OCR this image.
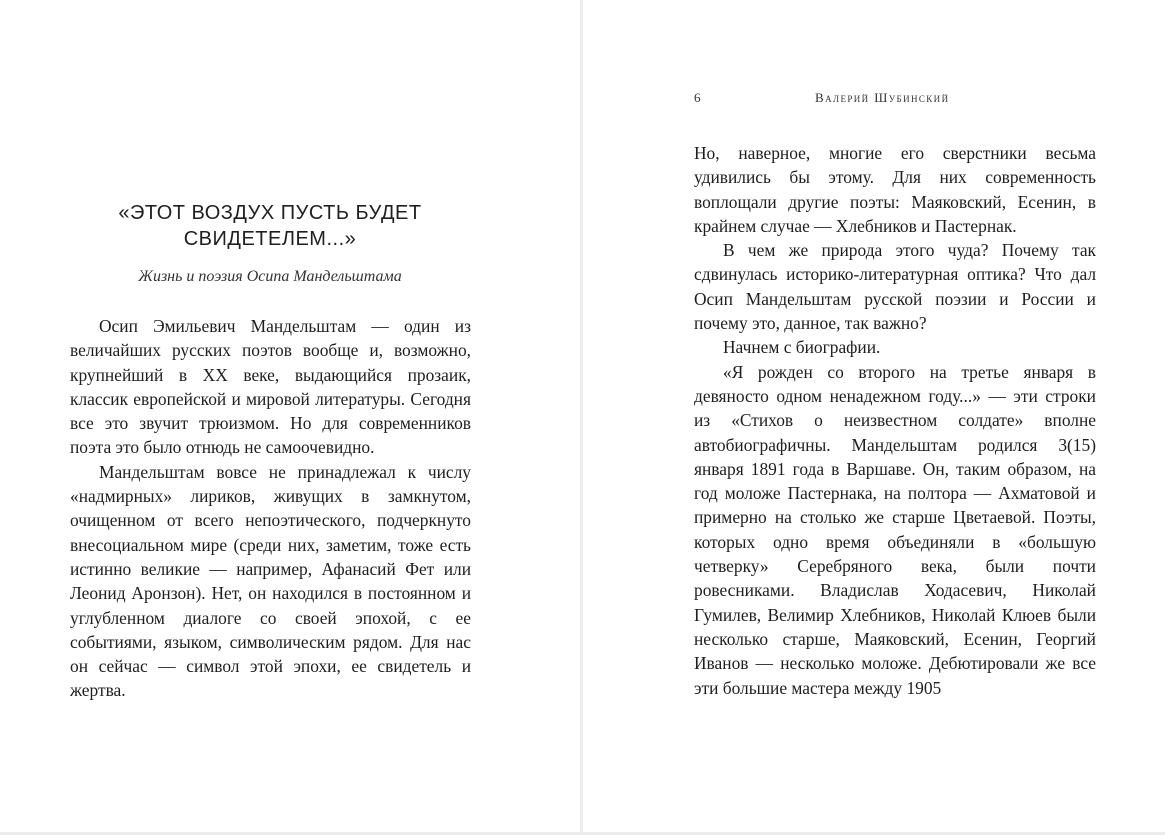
«ЭТОТ ВОЗДУХ ПУСТЬ БУДЕТ
СВИДЕТЕЛЕМ...»
Жизнь и поэзия Осипа Мандельштама

Осип Эмильевич Мандельштам — один из величайших русских поэтов вообще и, возможно, крупнейший в XX веке, выдающийся прозаик, классик европейской и мировой литературы. Сегодня все это звучит трюизмом. Но для современников поэта это было отнюдь не самоочевидно.

Мандельштам вовсе не принадлежал к числу «надмирных» лириков, живущих в замкнутом, очищенном от всего непоэтического, подчеркнуто внесоциальном мире (среди них, заметим, тоже есть истинно великие — например, Афанасий Фет или Леонид Аронзон). Нет, он находился в постоянном и углубленном диалоге со своей эпохой, с ее событиями, языком, символическим рядом. Для нас он сейчас — символ этой эпохи, ее свидетель и жертва.

6	Валерий Шубинский

Но, наверное, многие его сверстники весьма удивились бы этому. Для них современность воплощали другие поэты: Маяковский, Есенин, в крайнем случае — Хлебников и Пастернак.

В чем же природа этого чуда? Почему так сдвинулась историко-литературная оптика? Что дал Осип Мандельштам русской поэзии и России и почему это, данное, так важно?

Начнем с биографии.

«Я рожден со второго на третье января в девяносто одном ненадежном году...» — эти строки из «Стихов о неизвестном солдате» вполне автобиографичны. Мандельштам родился 3(15) января 1891 года в Варшаве. Он, таким образом, на год моложе Пастернака, на полтора — Ахматовой и примерно на столько же старше Цветаевой. Поэты, которых одно время объединяли в «большую четверку» Серебряного века, были почти ровесниками. Владислав Ходасевич, Николай Гумилев, Велимир Хлебников, Николай Клюев были несколько старше, Маяковский, Есенин, Георгий Иванов — несколько моложе. Дебютировали же все эти большие мастера между 1905
